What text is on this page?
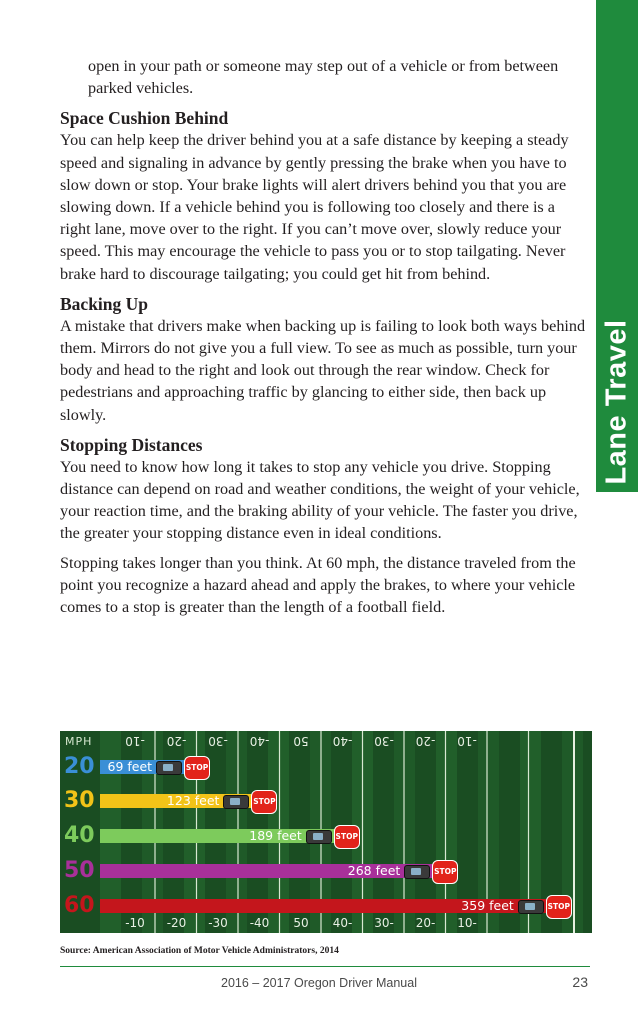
Lane Travel

open in your path or someone may step out of a vehicle or from between parked vehicles.

Space Cushion Behind

You can help keep the driver behind you at a safe distance by keeping a steady speed and signaling in advance by gently pressing the brake when you have to slow down or stop. Your brake lights will alert drivers behind you that you are slowing down. If a vehicle behind you is following too closely and there is a right lane, move over to the right. If you can’t move over, slowly reduce your speed. This may encourage the vehicle to pass you or to stop tailgating. Never brake hard to discourage tailgating; you could get hit from behind.

Backing Up

A mistake that drivers make when backing up is failing to look both ways behind them. Mirrors do not give you a full view. To see as much as possible, turn your body and head to the right and look out through the rear window. Check for pedestrians and approaching traffic by glancing to either side, then back up slowly.

Stopping Distances

You need to know how long it takes to stop any vehicle you drive. Stopping distance can depend on road and weather conditions, the weight of your vehicle, your reaction time, and the braking ability of your vehicle. The faster you drive, the greater your stopping distance even in ideal conditions.

Stopping takes longer than you think. At 60 mph, the distance traveled from the point you recognize a hazard ahead and apply the brakes, to where your vehicle comes to a stop is greater than the length of a football field.

-10 -20 -30 -40 50 -40 -30 -20 -10
-10 -20 -30 -40 50 40- 30- 20- 10-
MPH
20	69 feet	STOP
30	123 feet	STOP
40	189 feet	STOP
50	268 feet	STOP
60	359 feet	STOP
Source: American Association of Motor Vehicle Administrators, 2014
2016 – 2017 Oregon Driver Manual	23
